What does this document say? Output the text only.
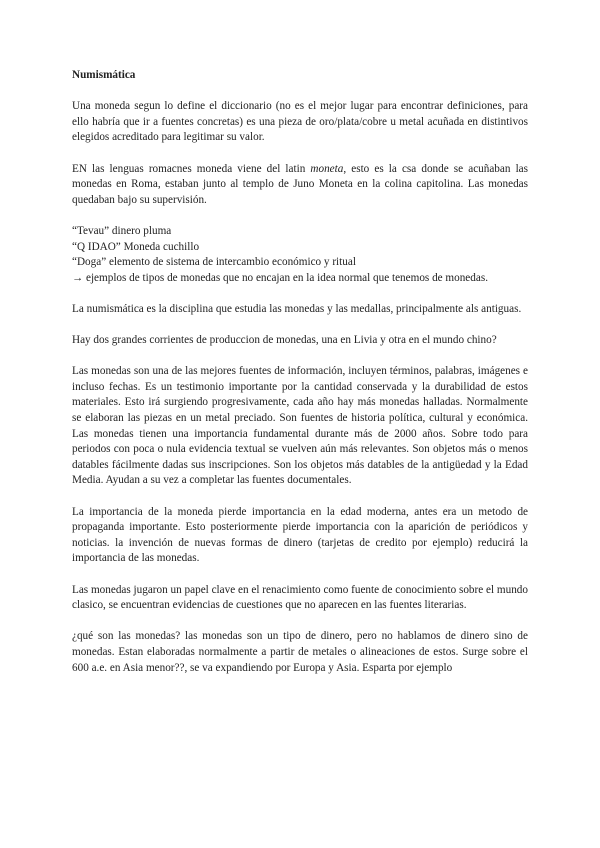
Numismática

Una moneda segun lo define el diccionario (no es el mejor lugar para encontrar definiciones, para ello habría que ir a fuentes concretas) es una pieza de oro/plata/cobre u metal acuñada en distintivos elegidos acreditado para legitimar su valor.

EN las lenguas romacnes moneda viene del latin moneta, esto es la csa donde se acuñaban las monedas en Roma, estaban junto al templo de Juno Moneta en la colina capitolina. Las monedas quedaban bajo su supervisión.

“Tevau” dinero pluma
“Q IDAO” Moneda cuchillo
“Doga” elemento de sistema de intercambio económico y ritual
→ ejemplos de tipos de monedas que no encajan en la idea normal que tenemos de monedas.

La numismática es la disciplina que estudia las monedas y las medallas, principalmente als antiguas.

Hay dos grandes corrientes de produccion de monedas, una en Livia y otra en el mundo chino?

Las monedas son una de las mejores fuentes de información, incluyen términos, palabras, imágenes e incluso fechas. Es un testimonio importante por la cantidad conservada y la durabilidad de estos materiales. Esto irá surgiendo progresivamente, cada año hay más monedas halladas. Normalmente se elaboran las piezas en un metal preciado. Son fuentes de historia política, cultural y económica. Las monedas tienen una importancia fundamental durante más de 2000 años. Sobre todo para periodos con poca o nula evidencia textual se vuelven aún más relevantes. Son objetos más o menos datables fácilmente dadas sus inscripciones. Son los objetos más datables de la antigüedad y la Edad Media. Ayudan a su vez a completar las fuentes documentales.

La importancia de la moneda pierde importancia en la edad moderna, antes era un metodo de propaganda importante. Esto posteriormente pierde importancia con la aparición de periódicos y noticias. la invención de nuevas formas de dinero (tarjetas de credito por ejemplo) reducirá la importancia de las monedas.

Las monedas jugaron un papel clave en el renacimiento como fuente de conocimiento sobre el mundo clasico, se encuentran evidencias de cuestiones que no aparecen en las fuentes literarias.

¿qué son las monedas? las monedas son un tipo de dinero, pero no hablamos de dinero sino de monedas. Estan elaboradas normalmente a partir de metales o alineaciones de estos. Surge sobre el 600 a.e. en Asia menor??, se va expandiendo por Europa y Asia. Esparta por ejemplo
